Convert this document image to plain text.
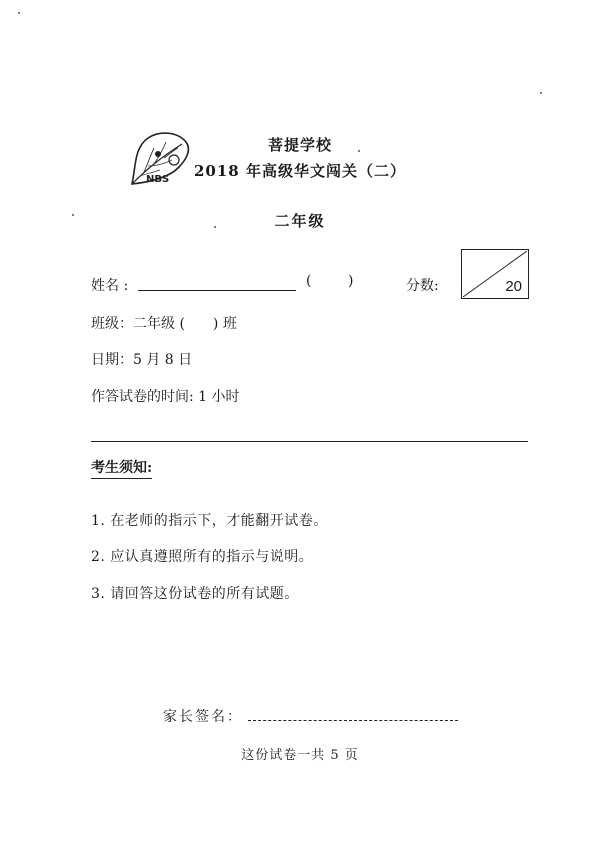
NBS
菩提学校
2018 年高级华文闯关（二）
二年级
姓名 :	(	)	分数:	20
班级：二年级 (　　) 班
日期：5 月 8 日
作答试卷的时间: 1 小时
考生须知:
1. 在老师的指示下，才能翻开试卷。
2. 应认真遵照所有的指示与说明。
3. 请回答这份试卷的所有试题。
家长签名：
这份试卷一共 5 页
